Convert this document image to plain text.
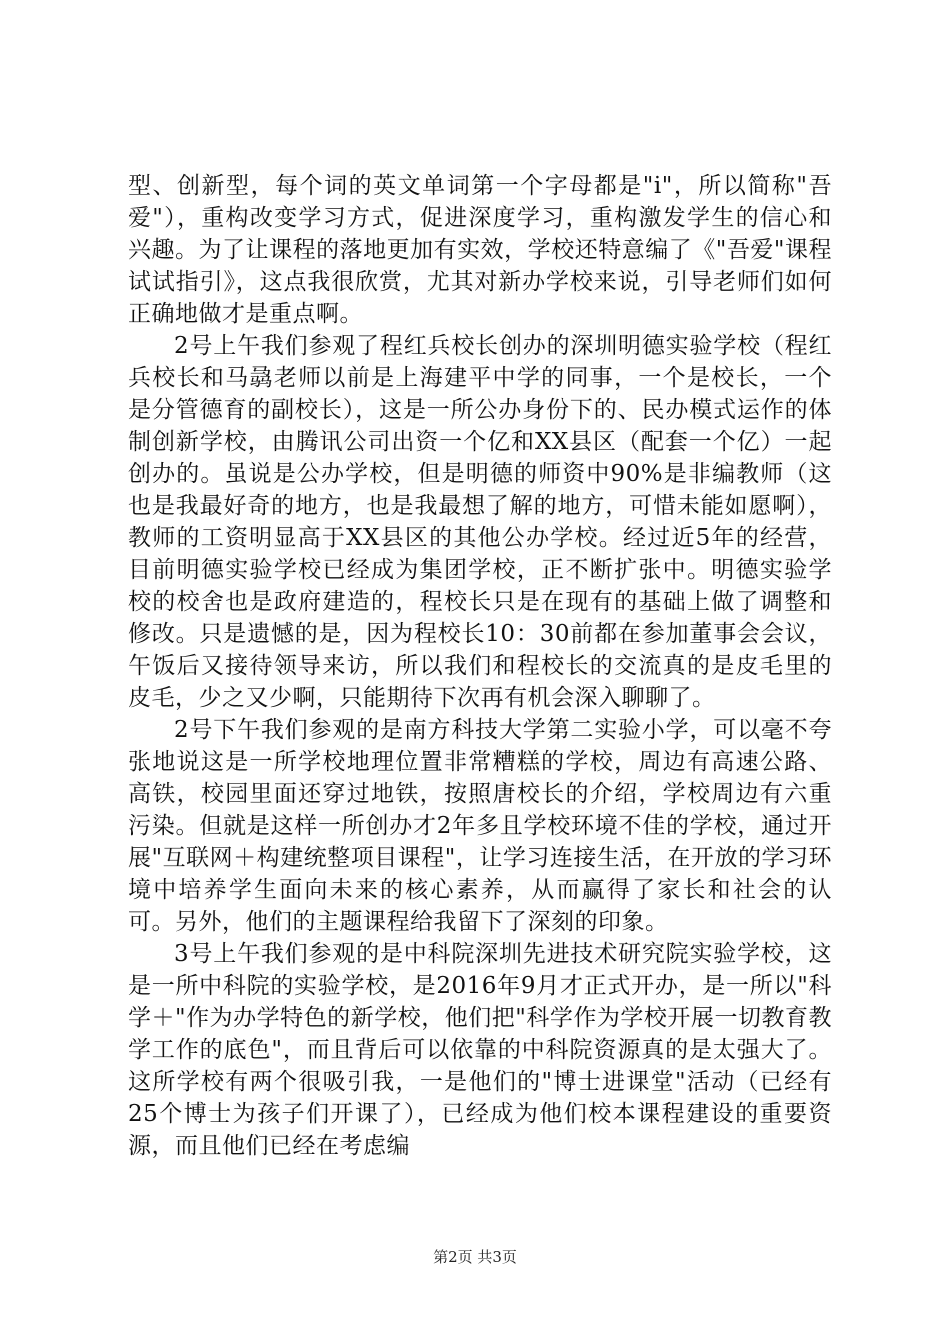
型、创新型，每个词的英文单词第一个字母都是"i"，所以简称"吾爱"），重构改变学习方式，促进深度学习，重构激发学生的信心和兴趣。为了让课程的落地更加有实效，学校还特意编了《"吾爱"课程试试指引》，这点我很欣赏，尤其对新办学校来说，引导老师们如何正确地做才是重点啊。

2号上午我们参观了程红兵校长创办的深圳明德实验学校（程红兵校长和马骉老师以前是上海建平中学的同事，一个是校长，一个是分管德育的副校长），这是一所公办身份下的、民办模式运作的体制创新学校，由腾讯公司出资一个亿和XX县区（配套一个亿）一起创办的。虽说是公办学校，但是明德的师资中90%是非编教师（这也是我最好奇的地方，也是我最想了解的地方，可惜未能如愿啊），教师的工资明显高于XX县区的其他公办学校。经过近5年的经营，目前明德实验学校已经成为集团学校，正不断扩张中。明德实验学校的校舍也是政府建造的，程校长只是在现有的基础上做了调整和修改。只是遗憾的是，因为程校长10：30前都在参加董事会会议，午饭后又接待领导来访，所以我们和程校长的交流真的是皮毛里的皮毛，少之又少啊，只能期待下次再有机会深入聊聊了。

2号下午我们参观的是南方科技大学第二实验小学，可以毫不夸张地说这是一所学校地理位置非常糟糕的学校，周边有高速公路、高铁，校园里面还穿过地铁，按照唐校长的介绍，学校周边有六重污染。但就是这样一所创办才2年多且学校环境不佳的学校，通过开展"互联网＋构建统整项目课程"，让学习连接生活，在开放的学习环境中培养学生面向未来的核心素养，从而赢得了家长和社会的认可。另外，他们的主题课程给我留下了深刻的印象。

3号上午我们参观的是中科院深圳先进技术研究院实验学校，这是一所中科院的实验学校，是2016年9月才正式开办，是一所以"科学＋"作为办学特色的新学校，他们把"科学作为学校开展一切教育教学工作的底色"，而且背后可以依靠的中科院资源真的是太强大了。这所学校有两个很吸引我，一是他们的"博士进课堂"活动（已经有25个博士为孩子们开课了），已经成为他们校本课程建设的重要资源，而且他们已经在考虑编

第2页 共3页
